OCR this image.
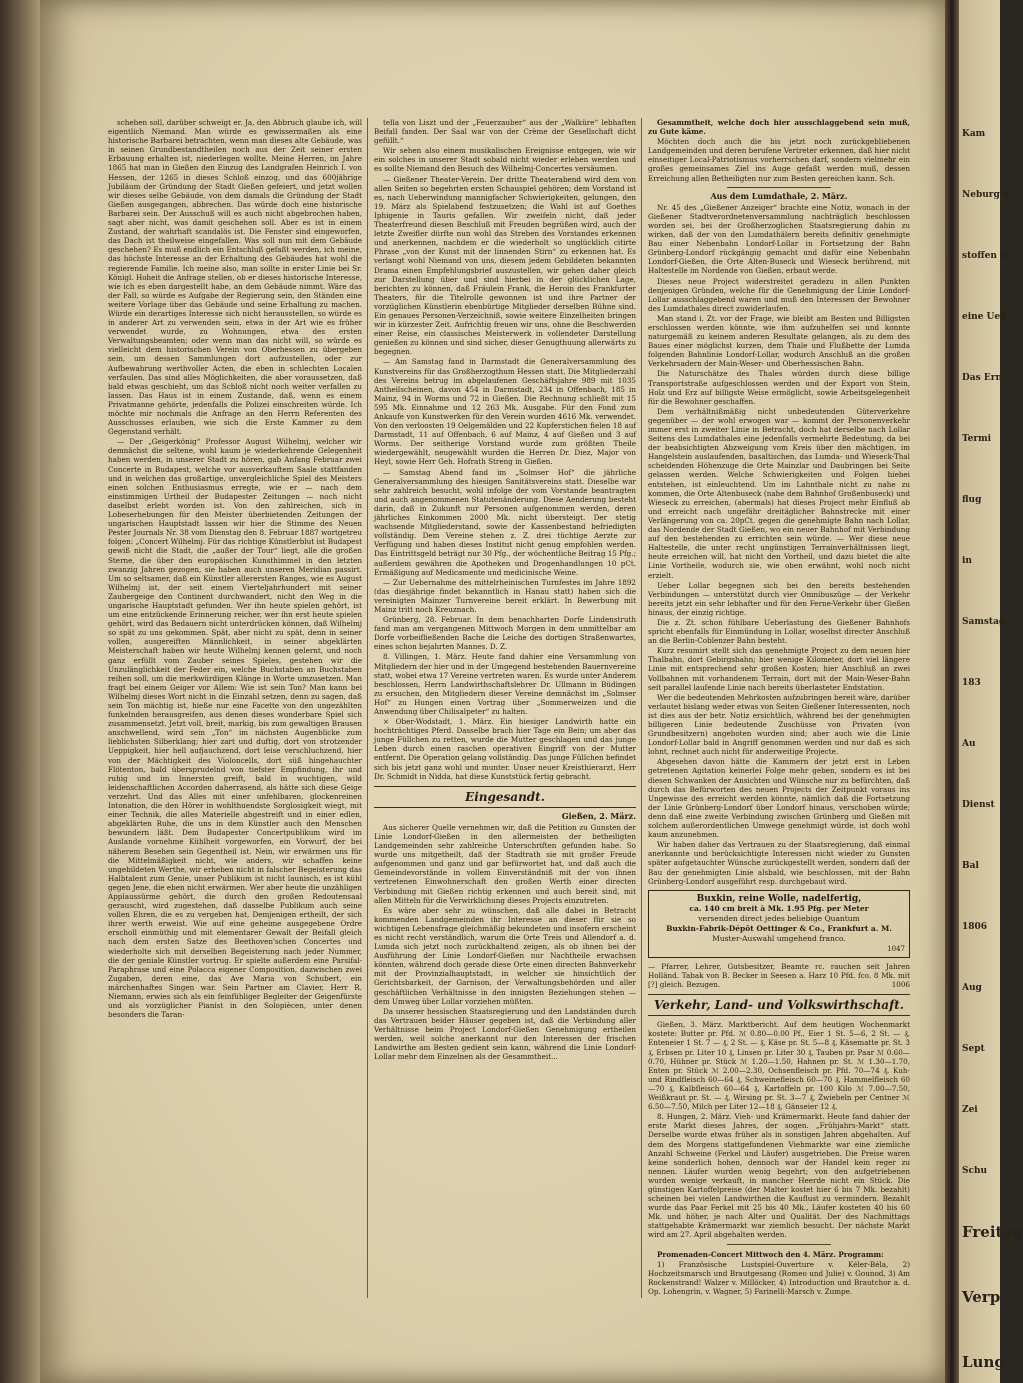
Kam
Neburg d
stoffen d
eine Ueb
Das Ern
Termi
flug
in
Samstag
183
Au
Dienst
Bal
1806
Aug
Sept
Zei
Schu
Freitag
Verp
Lung

schehen soll, darüber schweigt er. Ja, den Abbruch glaube ich, will eigentlich Niemand. Man würde es gewissermaßen als eine historische Barbarei betrachten, wenn man dieses alte Gebäude, was in seinen Grundbestandtheilen noch aus der Zeit seiner ersten Erbauung erhalten ist, niederlegen wollte. Meine Herren, im Jahre 1865 hat man in Gießen den Einzug des Landgrafen Heinrich I. von Hessen, der 1265 in dieses Schloß einzog, und das 600jährige Jubiläum der Gründung der Stadt Gießen gefeiert, und jetzt wollen wir dieses selbe Gebäude, von dem damals die Gründung der Stadt Gießen ausgegangen, abbrechen. Das würde doch eine historische Barbarei sein. Der Ausschuß will es auch nicht abgebrochen haben, sagt aber nicht, was damit geschehen soll. Aber es ist in einem Zustand, der wahrhaft scandalös ist. Die Fenster sind eingeworfen, das Dach ist theilweise eingefallen. Was soll nun mit dem Gebäude geschehen? Es muß endlich ein Entschluß gefaßt werden, ich meine, das höchste Interesse an der Erhaltung des Gebäudes hat wohl die regierende Familie. Ich meine also, man sollte in erster Linie bei Sr. Königl. Hoheit die Anfrage stellen, ob er dieses historische Interesse, wie ich es eben dargestellt habe, an dem Gebäude nimmt. Wäre das der Fall, so würde es Aufgabe der Regierung sein, den Ständen eine weitere Vorlage über das Gebäude und seine Erhaltung zu machen. Würde ein derartiges Interesse sich nicht herausstellen, so würde es in anderer Art zu verwenden sein, etwa in der Art wie es früher verwendet wurde, zu Wohnungen, etwa des ersten Verwaltungsbeamten; oder wenn man das nicht will, so würde es vielleicht dem historischen Verein von Oberhessen zu übergeben sein, um dessen Sammlungen dort aufzustellen, oder zur Aufbewahrung werthvoller Acten, die eben in schlechten Localen verfaulen. Das sind alles Möglichkeiten, die aber voraussetzen, daß bald etwas geschieht, um das Schloß nicht noch weiter verfallen zu lassen. Das Haus ist in einem Zustande, daß, wenn es einem Privatmanne gehörte, jedenfalls die Polizei einschreiten würde. Ich möchte mir nochmals die Anfrage an den Herrn Referenten des Ausschusses erlauben, wie sich die Erste Kammer zu dem Gegenstand verhält.

— Der „Geigerkönig“ Professor August Wilhelmj, welcher wir demnächst die seltene, wohl kaum je wiederkehrende Gelegenheit haben werden, in unserer Stadt zu hören, gab Anfang Februar zwei Concerte in Budapest, welche vor ausverkauftem Saale stattfanden und in welchen das großartige, unvergleichliche Spiel des Meisters einen solchen Enthusiasmus erregte, wie er — nach dem einstimmigen Urtheil der Budapester Zeitungen — noch nicht daselbst erlebt worden ist. Von den zahlreichen, sich in Lobeserhebungen für den Meister überbietenden Zeitungen der ungarischen Hauptstadt lassen wir hier die Stimme des Neuen Pester Journals Nr. 38 vom Dienstag den 8. Februar 1887 wortgetreu folgen: „Concert Wilhelmj. Für das richtige Künstlerblut ist Budapest gewiß nicht die Stadt, die „außer der Tour“ liegt, alle die großen Sterne, die über den europäischen Kunsthimmel in den letzten zwanzig Jahren gezogen, sie haben auch unseren Meridian passirt. Um so seltsamer, daß ein Künstler allerersten Ranges, wie es August Wilhelmj ist, der seit einem Vierteljahrhundert mit seiner Zaubergeige den Continent durchwandert, nicht den Weg in die ungarische Hauptstadt gefunden. Wer ihn heute spielen gehört, ist um eine entzückende Erinnerung reicher, wer ihn erst heute spielen gehört, wird das Bedauern nicht unterdrücken können, daß Wilhelmj so spät zu uns gekommen. Spät, aber nicht zu spät, denn in seiner vollen, ausgereiften Männlichkeit, in seiner abgeklärten Meisterschaft haben wir heute Wilhelmj kennen gelernt, und noch ganz erfüllt vom Zauber seines Spieles, gestehen wir die Unzulänglichkeit der Feder ein, welche Buchstaben an Buchstaben reihen soll, um die merkwürdigen Klänge in Worte umzusetzen. Man fragt bei einem Geiger vor Allem: Wie ist sein Ton? Man kann bei Wilhelmj dieses Wort nicht in die Einzahl setzen, denn zu sagen, daß sein Ton mächtig ist, hieße nur eine Facette von den ungezählten funkelnden herausgreifen, aus denen dieses wunderbare Spiel sich zusammensetzt. Jetzt voll, breit, markig, bis zum gewaltigen Brausen anschwellend, wird sein „Ton“ im nächsten Augenblicke zum lieblichsten Silberklang; hier zart und duftig, dort von strotzender Ueppigkeit, hier hell aufjauchzend, dort leise verschluchzend, hier von der Mächtigkeit des Violoncells, dort süß hingehauchter Flötenton, bald übersprudelnd von tiefster Empfindung, ihr und ruhig und im Innersten greift, bald in wuchtigen, wild leidenschaftlichen Accorden daherrasend, als hätte sich diese Geige verzehrt. Und das Alles mit einer unfehlbaren, glockenreinen Intonation, die den Hörer in wohlthuendste Sorglosigkeit wiegt, mit einer Technik, die alles Materielle abgestreift und in einer edlen, abgeklärten Ruhe, die uns in dem Künstler auch den Menschen bewundern läßt. Dem Budapester Concertpublikum wird im Auslande vornehme Kühlheit vorgeworfen, ein Vorwurf, der bei näherem Besehen sein Gegentheil ist. Nein, wir erwärmen uns für die Mittelmäßigkeit nicht, wie anders, wir schaffen keine ungebildeten Werthe, wir erheben nicht in falscher Begeisterung das Halbtalent zum Genie, unser Publikum ist nicht launisch, es ist kühl gegen Jene, die eben nicht erwärmen. Wer aber heute die unzähligen Applaussürme gehört, die durch den großen Redoutensaal gerauscht, wird zugestehen, daß dasselbe Publikum auch seine vollen Ehren, die es zu vergeben hat, Demjenigen ertheilt, der sich ihrer werth erweist. Wie auf eine geheime ausgegebene Ordre erscholl einmüthig und mit elementarer Gewalt der Beifall gleich nach dem ersten Satze des Beethoven'schen Concertes und wiederholte sich mit derselben Begeisterung nach jeder Nummer, die der geniale Künstler vortrug. Er spielte außerdem eine Parsifal-Paraphrase und eine Polacca eigener Composition, dazwischen zwei Zugaben, deren eine, das Ave Maria von Schubert, ein märchenhaftes Singen war. Sein Partner am Clavier, Herr R. Niemann, erwies sich als ein feinfühliger Begleiter der Geigenfürste und als vorzüglicher Pianist in den Solopiècen, unter denen besonders die Taran-

tella von Liszt und der „Feuerzauber“ aus der „Walküre“ lebhaften Beifall fanden. Der Saal war von der Crème der Gesellschaft dicht gefüllt.“

Wir sehen also einem musikalischen Ereignisse entgegen, wie wir ein solches in unserer Stadt sobald nicht wieder erleben werden und es sollte Niemand den Besuch des Wilhelmj-Concertes versäumen.

— Gießener Theater-Verein. Der dritte Theaterabend wird dem von allen Seiten so begehrten ersten Schauspiel gehören; dem Vorstand ist es, nach Ueberwindung mannigfacher Schwierigkeiten, gelungen, den 19. März als Spielabend festzusetzen; die Wahl ist auf Goethes Iphigenie in Tauris gefallen. Wir zweifeln nicht, daß jeder Theaterfreund diesen Beschluß mit Freuden begrüßen wird, auch der letzte Zweifler dürfte nun wohl das Streben des Vorstandes erkennen und anerkennen, nachdem er die wiederholt so unglücklich citirte Phrase „von der Kunst mit der linnenden Stirn“ zu erkennen hat. Es verlangt wohl Niemand von uns, diesem jedem Gebildeten bekannten Drama einen Empfehlungsbrief auszustellen, wir gehen daher gleich zur Darstellung über und sind hierbei in der glücklichen Lage, berichten zu können, daß Fräulein Frank, die Heroin des Frankfurter Theaters, für die Titelrolle gewonnen ist und ihre Partner der vorzüglichen Künstlerin ebenbürtige Mitglieder derselben Bühne sind. Ein genaues Personen-Verzeichniß, sowie weitere Einzelheiten bringen wir in kürzester Zeit. Aufrichtig freuen wir uns, ohne die Beschwerden einer Reise, ein classisches Meisterwerk in vollendeter Darstellung genießen zu können und sind sicher, dieser Genugthuung allerwärts zu begegnen.

— Am Samstag fand in Darmstadt die Generalversammlung des Kunstvereins für das Großherzogthum Hessen statt. Die Mitgliederzahl des Vereins betrug im abgelaufenen Geschäftsjahre 989 mit 1035 Antheilscheinen, davon 454 in Darmstadt, 234 in Offenbach, 185 in Mainz, 94 in Worms und 72 in Gießen. Die Rechnung schließt mit 15 595 Mk. Einnahme und 12 263 Mk. Ausgabe. Für den Fond zum Ankaufe von Kunstwerken für den Verein wurden 4616 Mk. verwendet. Von den verloosten 19 Oelgemälden und 22 Kupferstichen fielen 18 auf Darmstadt, 11 auf Offenbach, 6 auf Mainz, 4 auf Gießen und 3 auf Worms. Der seitherige Vorstand wurde zum größten Theile wiedergewählt, neugewählt wurden die Herren Dr. Diez, Major von Heyl, sowie Herr Geh. Hofrath Streng in Gießen.

— Samstag Abend fand im „Solmser Hof“ die jährliche Generalversammlung des hiesigen Sanitätsvereins statt. Dieselbe war sehr zahlreich besucht, wohl infolge der vom Vorstande beantragten und auch angenommenen Statutenänderung. Diese Aenderung besteht darin, daß in Zukunft nur Personen aufgenommen werden, deren jährliches Einkommen 2000 Mk. nicht übersteigt. Der stetig wachsende Mitgliederstand, sowie der Kassenbestand befriedigten vollständig. Dem Vereine stehen z. Z. drei tüchtige Aerzte zur Verfügung und haben dieses Institut nicht genug empfohlen werden. Das Eintrittsgeld beträgt nur 30 Pfg., der wöchentliche Beitrag 15 Pfg.; außerdem gewähren die Apotheken und Drogenhandlungen 10 pCt. Ermäßigung auf Medicamente und medicinische Weine.

— Zur Uebernahme des mittelrheinischen Turnfestes im Jahre 1892 (das diesjährige findet bekanntlich in Hanau statt) haben sich die vereinigten Mainzer Turnvereine bereit erklärt. In Bewerbung mit Mainz tritt noch Kreuznach.

Grünberg, 28. Februar. In dem benachbarten Dorfe Lindenstruth fand man am vergangenen Mittwoch Morgen in dem unmittelbar am Dorfe vorbeifließenden Bache die Leiche des dortigen Straßenwartes, eines schon bejahrten Mannes. D. Z.

8. Villingen, 1. März. Heute fand dahier eine Versammlung von Mitgliedern der hier und in der Umgegend bestehenden Bauernvereine statt, wobei etwa 17 Vereine vertreten waren. Es wurde unter Anderem beschlossen, Herrn Landwirthschaftslehrer Dr. Ullmann in Büdingen zu ersuchen, den Mitgliedern dieser Vereine demnächst im „Solmser Hof“ zu Hungen einen Vortrag über „Sommerweizen und die Anwendung über Chilisalpeter“ zu halten.

× Ober-Wodstadt, 1. März. Ein hiesiger Landwirth hatte ein hochträchtiges Pferd. Dasselbe brach hier Tage ein Bein; um aber das junge Füllchen zu retten, wurde die Mutter geschlagen und das junge Leben durch einen raschen operativen Eingriff von der Mutter entfernt. Die Operation gelang vollständig. Das junge Füllchen befindet sich bis jetzt ganz wohl und munter. Unser neuer Kreisthierarzt, Herr Dr. Schmidt in Nidda, hat diese Kunststück fertig gebracht.

Eingesandt.
Gießen, 2. März.

Aus sicherer Quelle vernehmen wir, daß die Petition zu Gunsten der Linie Londorf-Gießen in den allermeisten der betheiligten Landgemeinden sehr zahlreiche Unterschriften gefunden habe. So wurde uns mitgetheilt, daß der Stadtrath sie mit großer Freude aufgenommen und ganz und gar befürwortet hat, und daß auch die Gemeindevorstände in vollem Einverständniß mit der von ihnen vertretenen Einwohnerschaft den großen Werth einer directen Verbindung mit Gießen richtig erkennen und auch bereit sind, mit allen Mitteln für die Verwirklichung dieses Projects einzutreten.

Es wäre aber sehr zu wünschen, daß alle dabei in Betracht kommenden Landgemeinden ihr Interesse an dieser für sie so wichtigen Lebensfrage gleichmäßig bekundeten und insofern erscheint es nicht recht verständlich, warum die Orte Treis und Allendorf a. d. Lumda sich jetzt noch zurückhaltend zeigen, als ob ihnen bei der Ausführung der Linie Londorf-Gießen nur Nachtheile erwachsen könnten, während doch gerade diese Orte einen directen Bahnverkehr mit der Provinzialhauptstadt, in welcher sie hinsichtlich der Gerichtsbarkeit, der Garnison, der Verwaltungsbehörden und aller geschäftlichen Verhältnisse in den innigsten Beziehungen stehen — dem Umweg über Lollar vorziehen müßten.

Da unserer hessischen Staatsregierung und den Landständen durch das Vertrauen beider Häuser gegeben ist, daß die Verbindung aller Verhältnisse beim Project Londorf-Gießen Genehmigung ertheilen werden, weil solche anerkannt nur den Interessen der frischen Landwirthe am Besten gedient sein kann, während die Linie Londorf-Lollar mehr dem Einzelnen als der Gesammtheit...

Gesammtheit, welche doch hier ausschlaggebend sein muß, zu Gute käme.

Möchten doch auch die bis jetzt noch zurückgebliebenen Landgemeinden und deren berufene Vertreter erkennen, daß hier nicht einseitiger Local-Patriotismus vorherrschen darf, sondern vielmehr ein großes gemeinsames Ziel ins Auge gefaßt werden muß, dessen Erreichung allen Betheiligten nur zum Besten gereichen kann. Sch.

Aus dem Lumdathale, 2. März.

Nr. 45 des „Gießener Anzeiger“ brachte eine Notiz, wonach in der Gießener Stadtverordnetenversammlung nachträglich beschlossen worden sei, bei der Großherzoglichen Staatsregierung dahin zu wirken, daß der von den Lumdathälern bereits definitiv genehmigte Bau einer Nebenbahn Londorf-Lollar in Fortsetzung der Bahn Grünberg-Londorf rückgängig gemacht und dafür eine Nebenbahn Londorf-Gießen, die Orte Alten-Buseck und Wieseck berührend, mit Haltestelle im Nordende von Gießen, erbaut werde.

Dieses neue Project widerstreitet geradezu in allen Punkten denjenigen Gründen, welche für die Genehmigung der Linie Londorf-Lollar ausschlaggebend waren und muß den Interessen der Bewohner des Lumdathales direct zuwiderlaufen.

Man stand i. Zt. vor der Frage, wie bleibt am Besten und Billigsten erschlossen werden könnte, wie ihm aufzuhelfen sei und konnte naturgemäß zu keinem anderen Resultate gelangen, als zu dem des Baues einer möglichst kurzen, dem Thale und Flußbette der Lumda folgenden Bahnlinie Londorf-Lollar, wodurch Anschluß an die großen Verkehrsadern der Main-Weser- und Oberhessischen Bahn.

Die Naturschätze des Thales würden durch diese billige Transportstraße aufgeschlossen werden und der Export von Stein, Holz und Erz auf billigste Weise ermöglicht, sowie Arbeitsgelegenheit für die Bewohner geschaffen.

Dem verhältnißmäßig nicht unbedeutenden Güterverkehre gegenüber — der wohl erwogen war — kommt der Personenverkehr immer erst in zweiter Linie in Betracht, doch hat derselbe nach Lollar Seitens des Lumdathales eine jedenfalls vermehrte Bedeutung, da bei der beabsichtigten Abzweigung vom Kreis über den mächtigen, im Hangelstein auslaufenden, basaltischen, das Lumda- und Wieseck-Thal scheidenden Höhenzuge die Orte Mainzlar und Daubringen bei Seite gelassen werden. Welche Schwierigkeiten und Folgen hiebei entstehen, ist einleuchtend. Um im Lahnthale nicht zu nahe zu kommen, die Orte Altenbuseck (nahe dem Bahnhof Großenbuseck) und Wieseck zu erreichen, (abermals) hat dieses Project mehr Einfluß ab und erreicht nach ungefähr dreitäglicher Bahnstrecke mit einer Verlängerung von ca. 20pCt. gegen die genehmigte Bahn nach Lollar, das Nordende der Stadt Gießen, wo ein neuer Bahnhof mit Verbindung auf den bestehenden zu errichten sein würde. — Wer diese neue Haltestelle, die unter recht ungünstigen Terrainverhältnissen liegt, heute erreichen will, hat nicht den Vortheil, und dazu bietet die alte Linie Vortheile, wodurch sie, wie oben erwähnt, wohl noch nicht erzielt.

Ueber Lollar begegnen sich bei den bereits bestehenden Verbindungen — unterstützt durch vier Omnibuszüge — der Verkehr bereits jetzt ein sehr lebhafter und für den Ferne-Verkehr über Gießen hinaus, der einzig richtige.

Die z. Zt. schon fühlbare Ueberlastung des Gießener Bahnhofs spricht ebenfalls für Einmündung in Lollar, woselbst directer Anschluß an die Berlin-Coblenzer Bahn besteht.

Kurz resumirt stellt sich das genehmigte Project zu dem neuen hier Thalbahn, dort Gebirgsbahn; hier wenige Kilometer, dort viel längere Linie mit entsprechend sehr großen Kosten; hier Anschluß an zwei Vollbahnen mit vorhandenem Terrain, dort mit der Main-Weser-Bahn seit parallel laufende Linie nach bereits überlasteter Endstation.

Wer die bedeutenden Mehrkosten aufzubringen bereit wäre, darüber verlautet bislang weder etwas von Seiten Gießener Interessenten, noch ist dies aus der betr. Notiz ersichtlich, während bei der genehmigten billigeren Linie bedeutende Zuschüsse von Privaten (von Grundbesitzern) angeboten wurden sind; aber auch wie die Linie Londorf-Lollar bald in Angriff genommen werden und nur daß es sich lohnt, rechnet auch nicht für anderweitige Projecte.

Abgesehen davon hätte die Kammern der jetzt erst in Leben getretenen Agitation keinerlei Folge mehr geben, sondern es ist bei diesen Schwanken der Ansichten und Wünsche nur zu befürchten, daß durch das Befürworten des neuen Projects der Zeitpunkt voraus ins Ungewisse des erreicht werden könnte, nämlich daß die Fortsetzung der Linie Grünberg-Londorf über Londorf hinaus, verschoben würde; denn daß eine zweite Verbindung zwischen Grünberg und Gießen mit solchem außerordentlichen Umwege genehmigt würde, ist doch wohl kaum anzunehmen.

Wir haben daher das Vertrauen zu der Staatsregierung, daß einmal anerkannte und berücksichtigte Interessen nicht wieder zu Gunsten später aufgetauchter Wünsche zurückgestellt werden, sondern daß der Bau der genehmigten Linie alsbald, wie beschlossen, mit der Bahn Grünberg-Londorf ausgeführt resp. durchgebaut wird.

Buxkin, reine Wolle, nadelfertig,
ca. 140 cm breit à Mk. 1.95 Pfg. per Meter
versenden direct jedes beliebige Quantum
Buxkin-Fabrik-Dépôt Oettinger & Co., Frankfurt a. M.
Muster-Auswahl umgehend franco.
1047
— Pfarrer, Lehrer, Gutsbesitzer, Beamte rc. rauchen seit Jahren Holländ. Tabak von B. Becker in Seesen a. Harz 10 Pfd. fco. 8 Mk. mit [?] gleich. Bezugen.	1006
Verkehr, Land- und Volkswirthschaft.

Gießen, 3. März. Marktbericht. Auf dem heutigen Wochenmarkt kostete: Butter pr. Pfd. ℳ 0.80—0.00 Pf., Eier 1 St. 5—6, 2 St. — ₰, Enteneier 1 St. 7 — ₰, 2 St. — ₰, Käse pr. St. 5—8 ₰, Käsematte pr. St. 3 ₰, Erbsen pr. Liter 10 ₰, Linsen pr. Liter 30 ₰, Tauben pr. Paar ℳ 0.60—0.70, Hühner pr. Stück ℳ 1.20—1.50, Hahnen pr. St. ℳ 1.30—1.70, Enten pr. Stück ℳ 2.00—2.30, Ochsenfleisch pr. Pfd. 70—74 ₰, Kuh- und Rindfleisch 60—64 ₰, Schweinefleisch 60—70 ₰, Hammelfleisch 60—70 ₰, Kalbfleisch 60—64 ₰, Kartoffeln pr. 100 Kilo ℳ 7.00—7.50, Weißkraut pr. St. — ₰, Wirsing pr. St. 3—7 ₰, Zwiebeln per Centner ℳ 6.50—7.50, Milch per Liter 12—18 ₰, Gänseier 12 ₰.

8. Hungen, 2. März. Vieh- und Krämermarkt. Heute fand dahier der erste Markt dieses Jahres, der sogen. „Frühjahrs-Markt“ statt. Derselbe wurde etwas früher als in sonstigen Jahren abgehalten. Auf dem des Morgens stattgefundenen Viehmarkte war eine ziemliche Anzahl Schweine (Ferkel und Läufer) ausgetrieben. Die Preise waren keine sonderlich hohen, dennoch war der Handel kein reger zu nennen. Läufer wurden wenig begehrt; von den aufgetriebenen wurden wenige verkauft, in mancher Heerde nicht ein Stück. Die günstigen Kartoffelpreise (der Malter kostet hier 6 bis 7 Mk. bezahlt) scheinen bei vielen Landwirthen die Kauflust zu vermindern. Bezahlt wurde das Paar Ferkel mit 25 bis 40 Mk., Läufer kosteten 40 bis 60 Mk. und höher, je nach Alter und Qualität. Der des Nachmittags stattgehabte Krämermarkt war ziemlich besucht. Der nächste Markt wird am 27. April abgehalten werden.

Promenaden-Concert Mittwoch den 4. März. Programm:

1) Französische Lustspiel-Ouverture v. Kéler-Béla, 2) Hochzeitsmarsch und Brautgesang (Romeo und Julie) v. Gounod, 3) Am Rockenstrand! Walzer v. Millöcker, 4) Introduction und Brautchor a. d. Op. Lohengrin, v. Wagner, 5) Farinelli-Marsch v. Zumpe.
